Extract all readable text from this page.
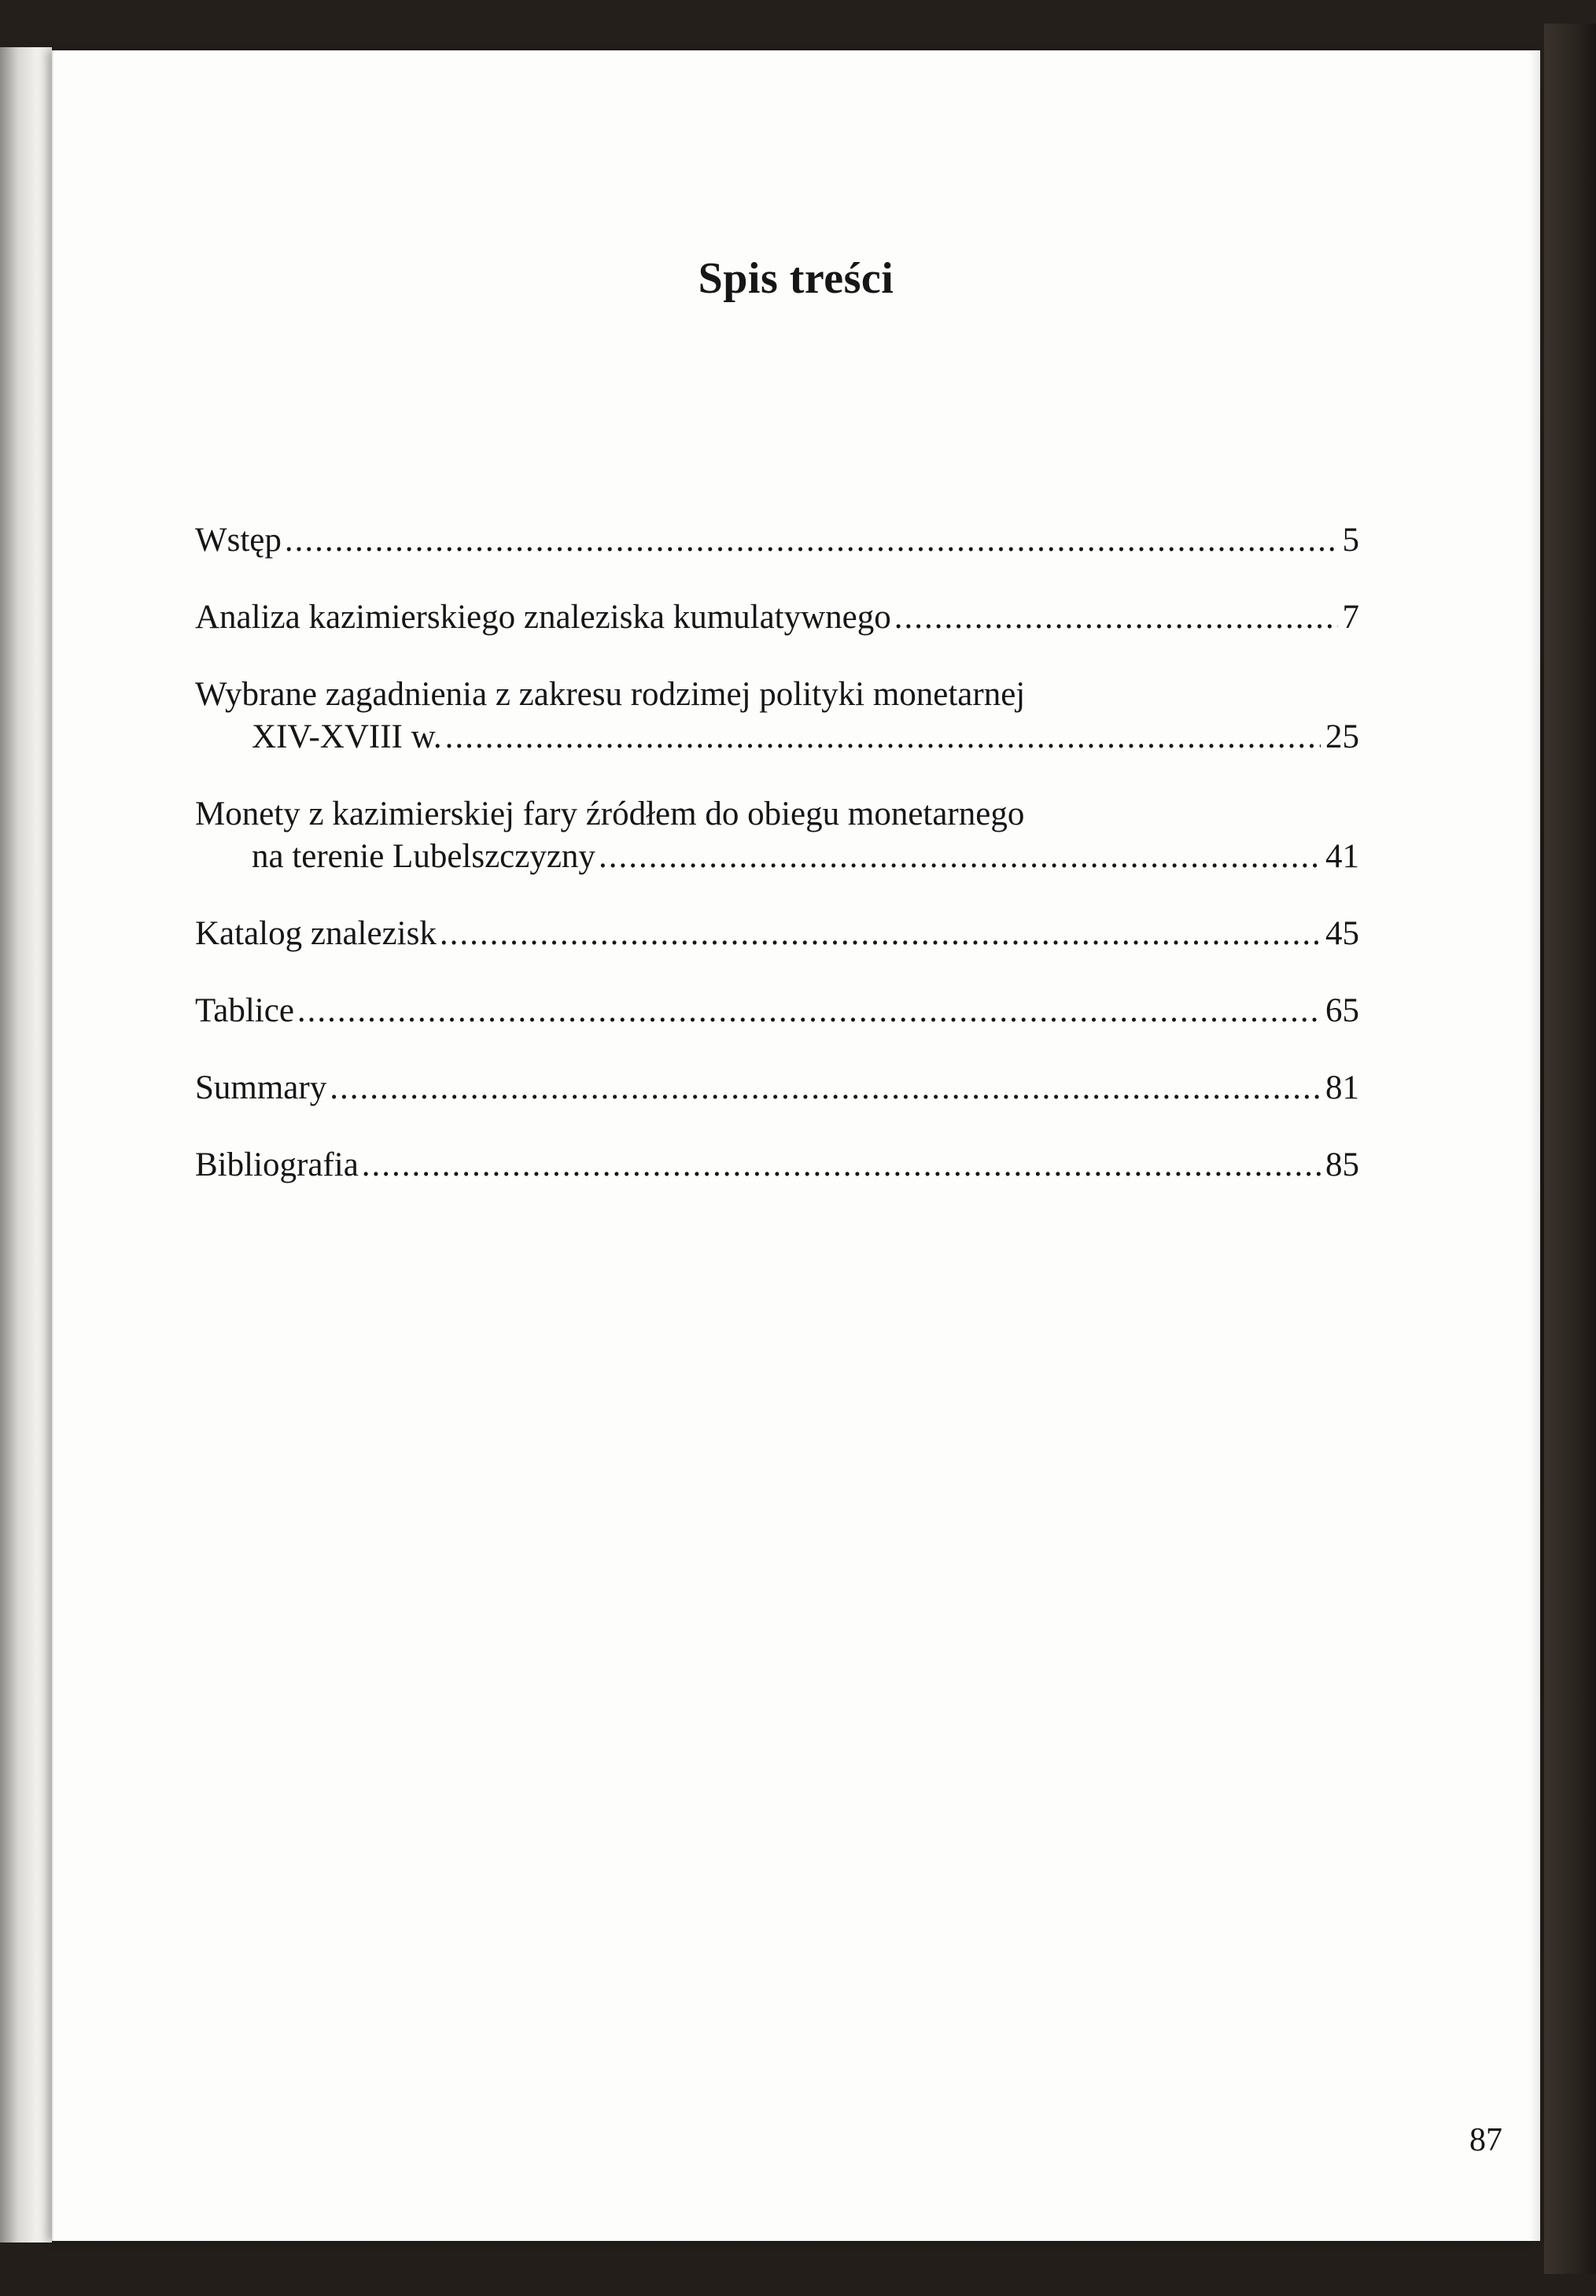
Spis treści
Wstęp .....	5
Analiza kazimierskiego znaleziska kumulatywnego .....	7
Wybrane zagadnienia z zakresu rodzimej polityki monetarnej
XIV-XVIII w. .....	25
Monety z kazimierskiej fary źródłem do obiegu monetarnego
na terenie Lubelszczyzny .....	41
Katalog znalezisk .....	45
Tablice .....	65
Summary .....	81
Bibliografia .....	85
87
